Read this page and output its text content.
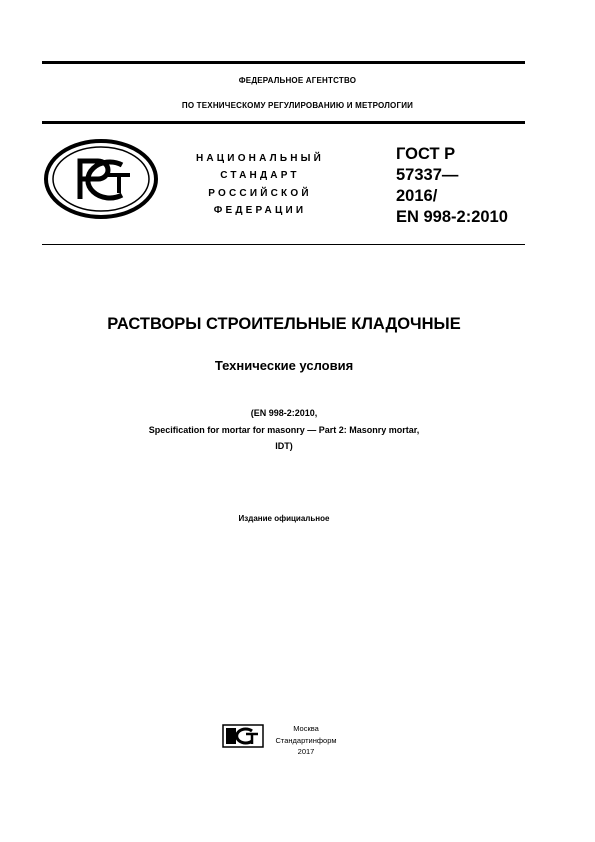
ФЕДЕРАЛЬНОЕ АГЕНТСТВО
ПО ТЕХНИЧЕСКОМУ РЕГУЛИРОВАНИЮ И МЕТРОЛОГИИ
НАЦИОНАЛЬНЫЙ
СТАНДАРТ
РОССИЙСКОЙ
ФЕДЕРАЦИИ
ГОСТ Р
57337—
2016/
EN 998-2:2010
РАСТВОРЫ СТРОИТЕЛЬНЫЕ КЛАДОЧНЫЕ
Технические условия
(EN 998-2:2010,
Specification for mortar for masonry — Part 2: Masonry mortar,
IDT)
Издание официальное
Москва
Стандартинформ
2017
